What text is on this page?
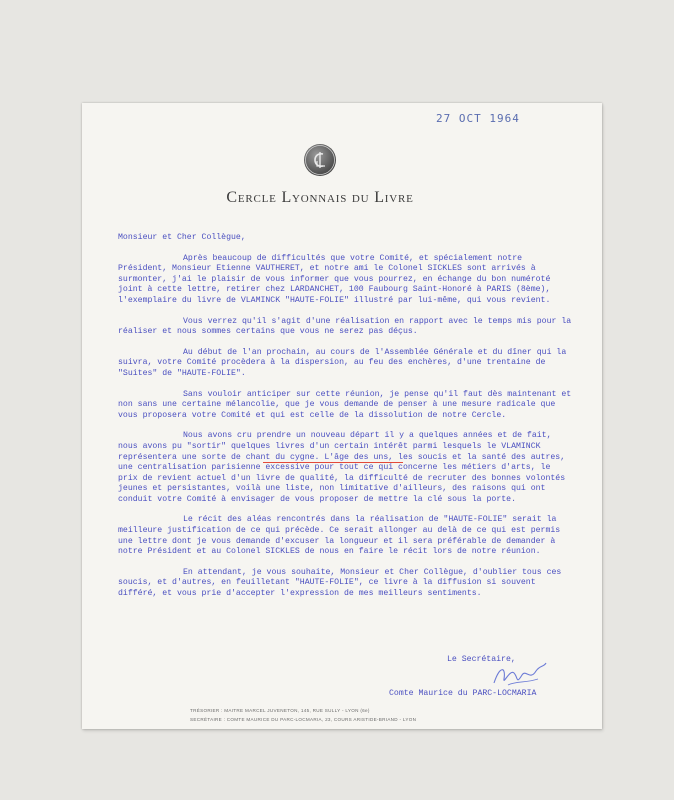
27 OCT 1964
Cercle Lyonnais du Livre
Monsieur et Cher Collègue,

Après beaucoup de difficultés que votre Comité, et spécialement notre Président, Monsieur Etienne VAUTHERET, et notre ami le Colonel SICKLES sont arrivés à surmonter, j'ai le plaisir de vous informer que vous pourrez, en échange du bon numéroté joint à cette lettre, retirer chez LARDANCHET, 100 Faubourg Saint-Honoré à PARIS (8ème), l'exemplaire du livre de VLAMINCK "HAUTE-FOLIE" illustré par lui-même, qui vous revient.

Vous verrez qu'il s'agit d'une réalisation en rapport avec le temps mis pour la réaliser et nous sommes certains que vous ne serez pas déçus.

Au début de l'an prochain, au cours de l'Assemblée Générale et du dîner qui la suivra, votre Comité procèdera à la dispersion, au feu des enchères, d'une trentaine de "Suites" de "HAUTE-FOLIE".

Sans vouloir anticiper sur cette réunion, je pense qu'il faut dès maintenant et non sans une certaine mélancolie, que je vous demande de penser à une mesure radicale que vous proposera votre Comité et qui est celle de la dissolution de notre Cercle.

Nous avons cru prendre un nouveau départ il y a quelques années et de fait, nous avons pu "sortir" quelques livres d'un certain intérêt parmi lesquels le VLAMINCK représentera une sorte de chant du cygne. L'âge des uns, les soucis et la santé des autres, une centralisation parisienne excessive pour tout ce qui concerne les métiers d'arts, le prix de revient actuel d'un livre de qualité, la difficulté de recruter des bonnes volontés jeunes et persistantes, voilà une liste, non limitative d'ailleurs, des raisons qui ont conduit votre Comité à envisager de vous proposer de mettre la clé sous la porte.

Le récit des aléas rencontrés dans la réalisation de "HAUTE-FOLIE" serait la meilleure justification de ce qui précède. Ce serait allonger au delà de ce qui est permis une lettre dont je vous demande d'excuser la longueur et il sera préférable de demander à notre Président et au Colonel SICKLES de nous en faire le récit lors de notre réunion.

En attendant, je vous souhaite, Monsieur et Cher Collègue, d'oublier tous ces soucis, et d'autres, en feuilletant "HAUTE-FOLIE", ce livre à la diffusion si souvent différé, et vous prie d'accepter l'expression de mes meilleurs sentiments.

Le Secrétaire,
Comte Maurice du PARC-LOCMARIA
TRÉSORIER : MAITRE MARCEL JUVENETON, 145, RUE SULLY - LYON (6e)
SECRÉTAIRE : COMTE MAURICE DU PARC-LOCMARIA, 23, COURS ARISTIDE-BRIAND - LYON
